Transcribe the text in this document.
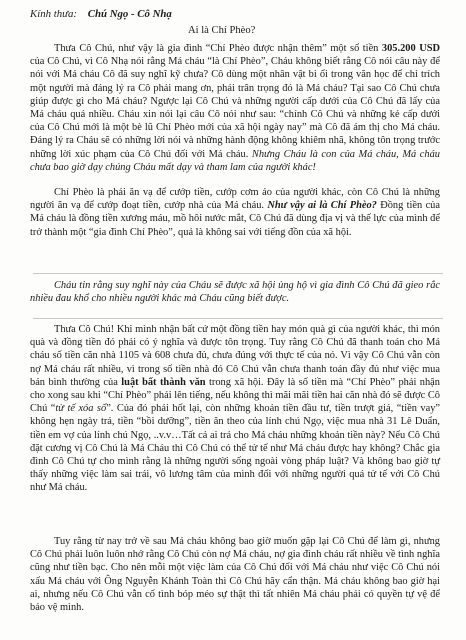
Kính thưa: Chú Ngọ - Cô Nhạ
Ai là Chí Phèo?

Thưa Cô Chú, như vậy là gia đình “Chí Phèo được nhận thêm” một số tiền 305.200 USD của Cô Chú, vì Cô Nhạ nói rằng Má cháu “là Chí Phèo”, Cháu không biết rằng Cô nói câu này để nói với Má cháu Cô đã suy nghĩ kỹ chưa? Cô dùng một nhân vật bi ổi trong văn học để chỉ trích một người mà đáng lý ra Cô phải mang ơn, phải trân trọng đó là Má cháu? Tại sao Cô Chú chưa giúp được gì cho Má cháu? Ngược lại Cô Chú và những người cấp dưới của Cô Chú đã lấy của Má cháu quá nhiều. Cháu xin nói lại câu Cô nói như sau: “chính Cô Chú và những kẻ cấp dưới của Cô Chú mới là một bè lũ Chí Phèo mới của xã hội ngày nay” mà Cô đã ám thị cho Má cháu. Đáng lý ra Cháu sẽ có những lời nói và những hành động không khiêm nhã, không tôn trọng trước những lời xúc phạm của Cô Chú đối với Má cháu. Nhưng Cháu là con của Má cháu, Má cháu chưa bao giờ dạy chúng Cháu mất dạy và tham lam của người khác!

Chí Phèo là phải ăn vạ để cướp tiền, cướp cơm áo của người khác, còn Cô Chú là những người ăn vạ để cướp đoạt tiền, cướp nhà của Má cháu. Như vậy ai là Chí Phèo? Đồng tiền của Má cháu là đồng tiền xương máu, mồ hôi nước mắt, Cô Chú đã dùng địa vị và thế lực của mình để trở thành một “gia đình Chí Phèo”, quả là không sai với tiếng đồn của xã hội.

Cháu tin rằng suy nghĩ này của Cháu sẽ được xã hội ủng hộ vì gia đình Cô Chú đã gieo rắc nhiều đau khổ cho nhiều người khác mà Cháu cũng biết được.

Thưa Cô Chú! Khi mình nhận bất cứ một đồng tiền hay món quà gì của người khác, thì món quà và đồng tiền đó phải có ý nghĩa và được tôn trọng. Tuy rằng Cô Chú đã thanh toán cho Má cháu số tiền căn nhà 1105 và 608 chưa đủ, chưa đúng với thực tế của nó. Vì vậy Cô Chú vẫn còn nợ Má cháu rất nhiều, vì trong số tiền nhà đó Cô Chú vẫn chưa thanh toán đầy đủ như việc mua bán bình thường của luật bất thành văn trong xã hội. Đây là số tiền mà “Chí Phèo” phải nhận cho xong sau khi “Chí Phèo” phải lên tiếng, nếu không thì mãi mãi tiền hai căn nhà đó sẽ được Cô Chú “từ tế xóa sổ”. Của đó phải hốt lại, còn những khoản tiền đầu tư, tiền trượt giá, “tiền vay” không hẹn ngày trả, tiền “bồi dưỡng”, tiền ăn theo của lính chú Ngọ, việc mua nhà 31 Lê Duẩn, tiền em vợ của lính chú Ngọ, ..v.v…Tất cả ai trả cho Má cháu những khoản tiền này? Nếu Cô Chú đặt cương vị Cô Chú là Má Cháu thì Cô Chú có thể tử tế như Má cháu được hay không? Chắc gia đình Cô Chú tự cho mình rằng là những người sống ngoài vòng pháp luật? Và không bao giờ tự thấy những việc làm sai trái, vô lương tâm của mình đối với những người quá tử tế với Cô Chú như Má cháu.

Tuy rằng từ nay trở về sau Má cháu không bao giờ muốn gặp lại Cô Chú để làm gì, nhưng Cô Chú phải luôn luôn nhớ rằng Cô Chú còn nợ Má cháu, nợ gia đình cháu rất nhiều về tình nghĩa cũng như tiền bạc. Cho nên mỗi một việc làm của Cô Chú đối với Má cháu như việc Cô Chú nói xấu Má cháu với Ông Nguyễn Khánh Toàn thì Cô Chú hãy cẩn thận. Má cháu không bao giờ hại ai, nhưng nếu Cô Chú vẫn cố tình bóp méo sự thật thì tất nhiên Má cháu phải có quyền tự vệ để bảo vệ mình.
